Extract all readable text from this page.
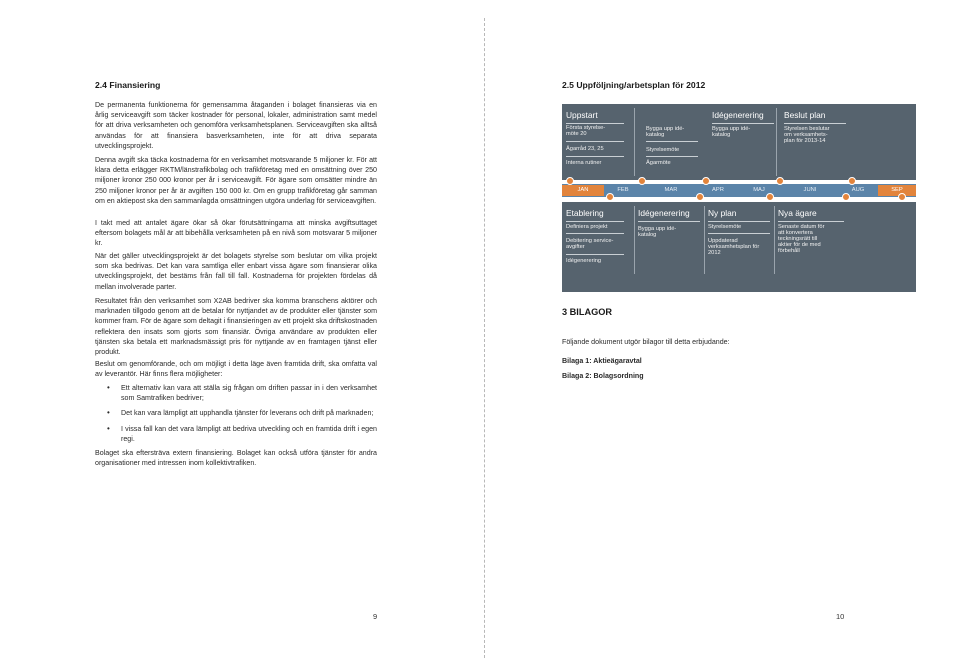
2.4 Finansiering
De permanenta funktionerna för gemensamma åtaganden i bolaget finansieras via en årlig serviceavgift som täcker kostnader för personal, lokaler, administration samt medel för att driva verksamheten och genomföra verksamhetsplanen. Serviceavgiften ska alltså användas för att finansiera basverksamheten, inte för att driva separata utvecklingsprojekt.
Denna avgift ska täcka kostnaderna för en verksamhet motsvarande 5 miljoner kr. För att klara detta erlägger RKTM/länstrafikbolag och trafikföretag med en omsättning över 250 miljoner kronor 250 000 kronor per år i serviceavgift. För ägare som omsätter mindre än 250 miljoner kronor per år är avgiften 150 000 kr. Om en grupp trafikföretag går samman om en aktiepost ska den sammanlagda omsättningen utgöra underlag för serviceavgiften.
I takt med att antalet ägare ökar så ökar förutsättningarna att minska avgiftsuttaget eftersom bolagets mål är att bibehålla verksamheten på en nivå som motsvarar 5 miljoner kr.
När det gäller utvecklingsprojekt är det bolagets styrelse som beslutar om vilka projekt som ska bedrivas. Det kan vara samtliga eller enbart vissa ägare som finansierar olika utvecklingsprojekt, det bestäms från fall till fall. Kostnaderna för projekten fördelas då mellan involverade parter.
Resultatet från den verksamhet som X2AB bedriver ska komma branschens aktörer och marknaden tillgodo genom att de betalar för nyttjandet av de produkter eller tjänster som kommer fram. För de ägare som deltagit i finansieringen av ett projekt ska driftskostnaden reflektera den insats som gjorts som finansiär. Övriga användare av produkten eller tjänsten ska betala ett marknadsmässigt pris för nyttjande av en framtagen tjänst eller produkt.
Beslut om genomförande, och om möjligt i detta läge även framtida drift, ska omfatta val av leverantör. Här finns flera möjligheter:
• Ett alternativ kan vara att ställa sig frågan om driften passar in i den verksamhet som Samtrafiken bedriver;
• Det kan vara lämpligt att upphandla tjänster för leverans och drift på marknaden;
• I vissa fall kan det vara lämpligt att bedriva utveckling och en framtida drift i egen regi.
Bolaget ska eftersträva extern finansiering. Bolaget kan också utföra tjänster för andra organisationer med intressen inom kollektivtrafiken.
9
2.5 Uppföljning/arbetsplan för 2012
Uppstart
Första styrelse-
möte 20
Ägarråd 23, 25
Interna rutiner
Bygga upp idé-
katalog
Styrelsemöte
Ägarmöte
Idégenerering
Bygga upp idé-
katalog
Beslut plan
Styrelsen beslutar
om verksamhets-
plan för 2013-14
JAN	FEB	MAR	APR	MAJ	JUNI	AUG	SEP
Etablering
Definiera projekt
Debitering service-
avgifter
Idégenerering
Idégenerering
Bygga upp idé-
katalog
Ny plan
Styrelsemöte
Uppdaterad
verksamhetsplan för
2012
Nya ägare
Senaste datum för
att konvertera
teckningsrätt till
aktier för de med
förbehåll
3 BILAGOR
Följande dokument utgör bilagor till detta erbjudande:
Bilaga 1: Aktieägaravtal
Bilaga 2: Bolagsordning
10
